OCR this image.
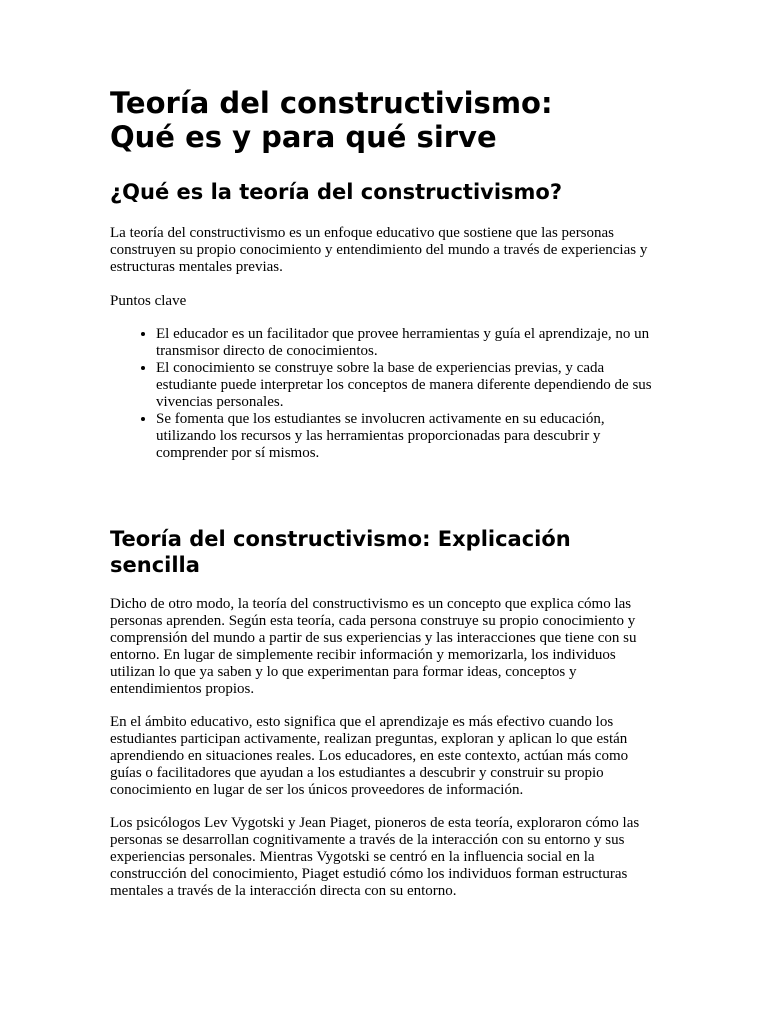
Teoría del constructivismo:
Qué es y para qué sirve
¿Qué es la teoría del constructivismo?

La teoría del constructivismo es un enfoque educativo que sostiene que las personas construyen su propio conocimiento y entendimiento del mundo a través de experiencias y estructuras mentales previas.

Puntos clave

• El educador es un facilitador que provee herramientas y guía el aprendizaje, no un transmisor directo de conocimientos.
• El conocimiento se construye sobre la base de experiencias previas, y cada estudiante puede interpretar los conceptos de manera diferente dependiendo de sus vivencias personales.
• Se fomenta que los estudiantes se involucren activamente en su educación, utilizando los recursos y las herramientas proporcionadas para descubrir y comprender por sí mismos.
Teoría del constructivismo: Explicación
sencilla

Dicho de otro modo, la teoría del constructivismo es un concepto que explica cómo las personas aprenden. Según esta teoría, cada persona construye su propio conocimiento y comprensión del mundo a partir de sus experiencias y las interacciones que tiene con su entorno. En lugar de simplemente recibir información y memorizarla, los individuos utilizan lo que ya saben y lo que experimentan para formar ideas, conceptos y entendimientos propios.

En el ámbito educativo, esto significa que el aprendizaje es más efectivo cuando los estudiantes participan activamente, realizan preguntas, exploran y aplican lo que están aprendiendo en situaciones reales. Los educadores, en este contexto, actúan más como guías o facilitadores que ayudan a los estudiantes a descubrir y construir su propio conocimiento en lugar de ser los únicos proveedores de información.

Los psicólogos Lev Vygotski y Jean Piaget, pioneros de esta teoría, exploraron cómo las personas se desarrollan cognitivamente a través de la interacción con su entorno y sus experiencias personales. Mientras Vygotski se centró en la influencia social en la construcción del conocimiento, Piaget estudió cómo los individuos forman estructuras mentales a través de la interacción directa con su entorno.
